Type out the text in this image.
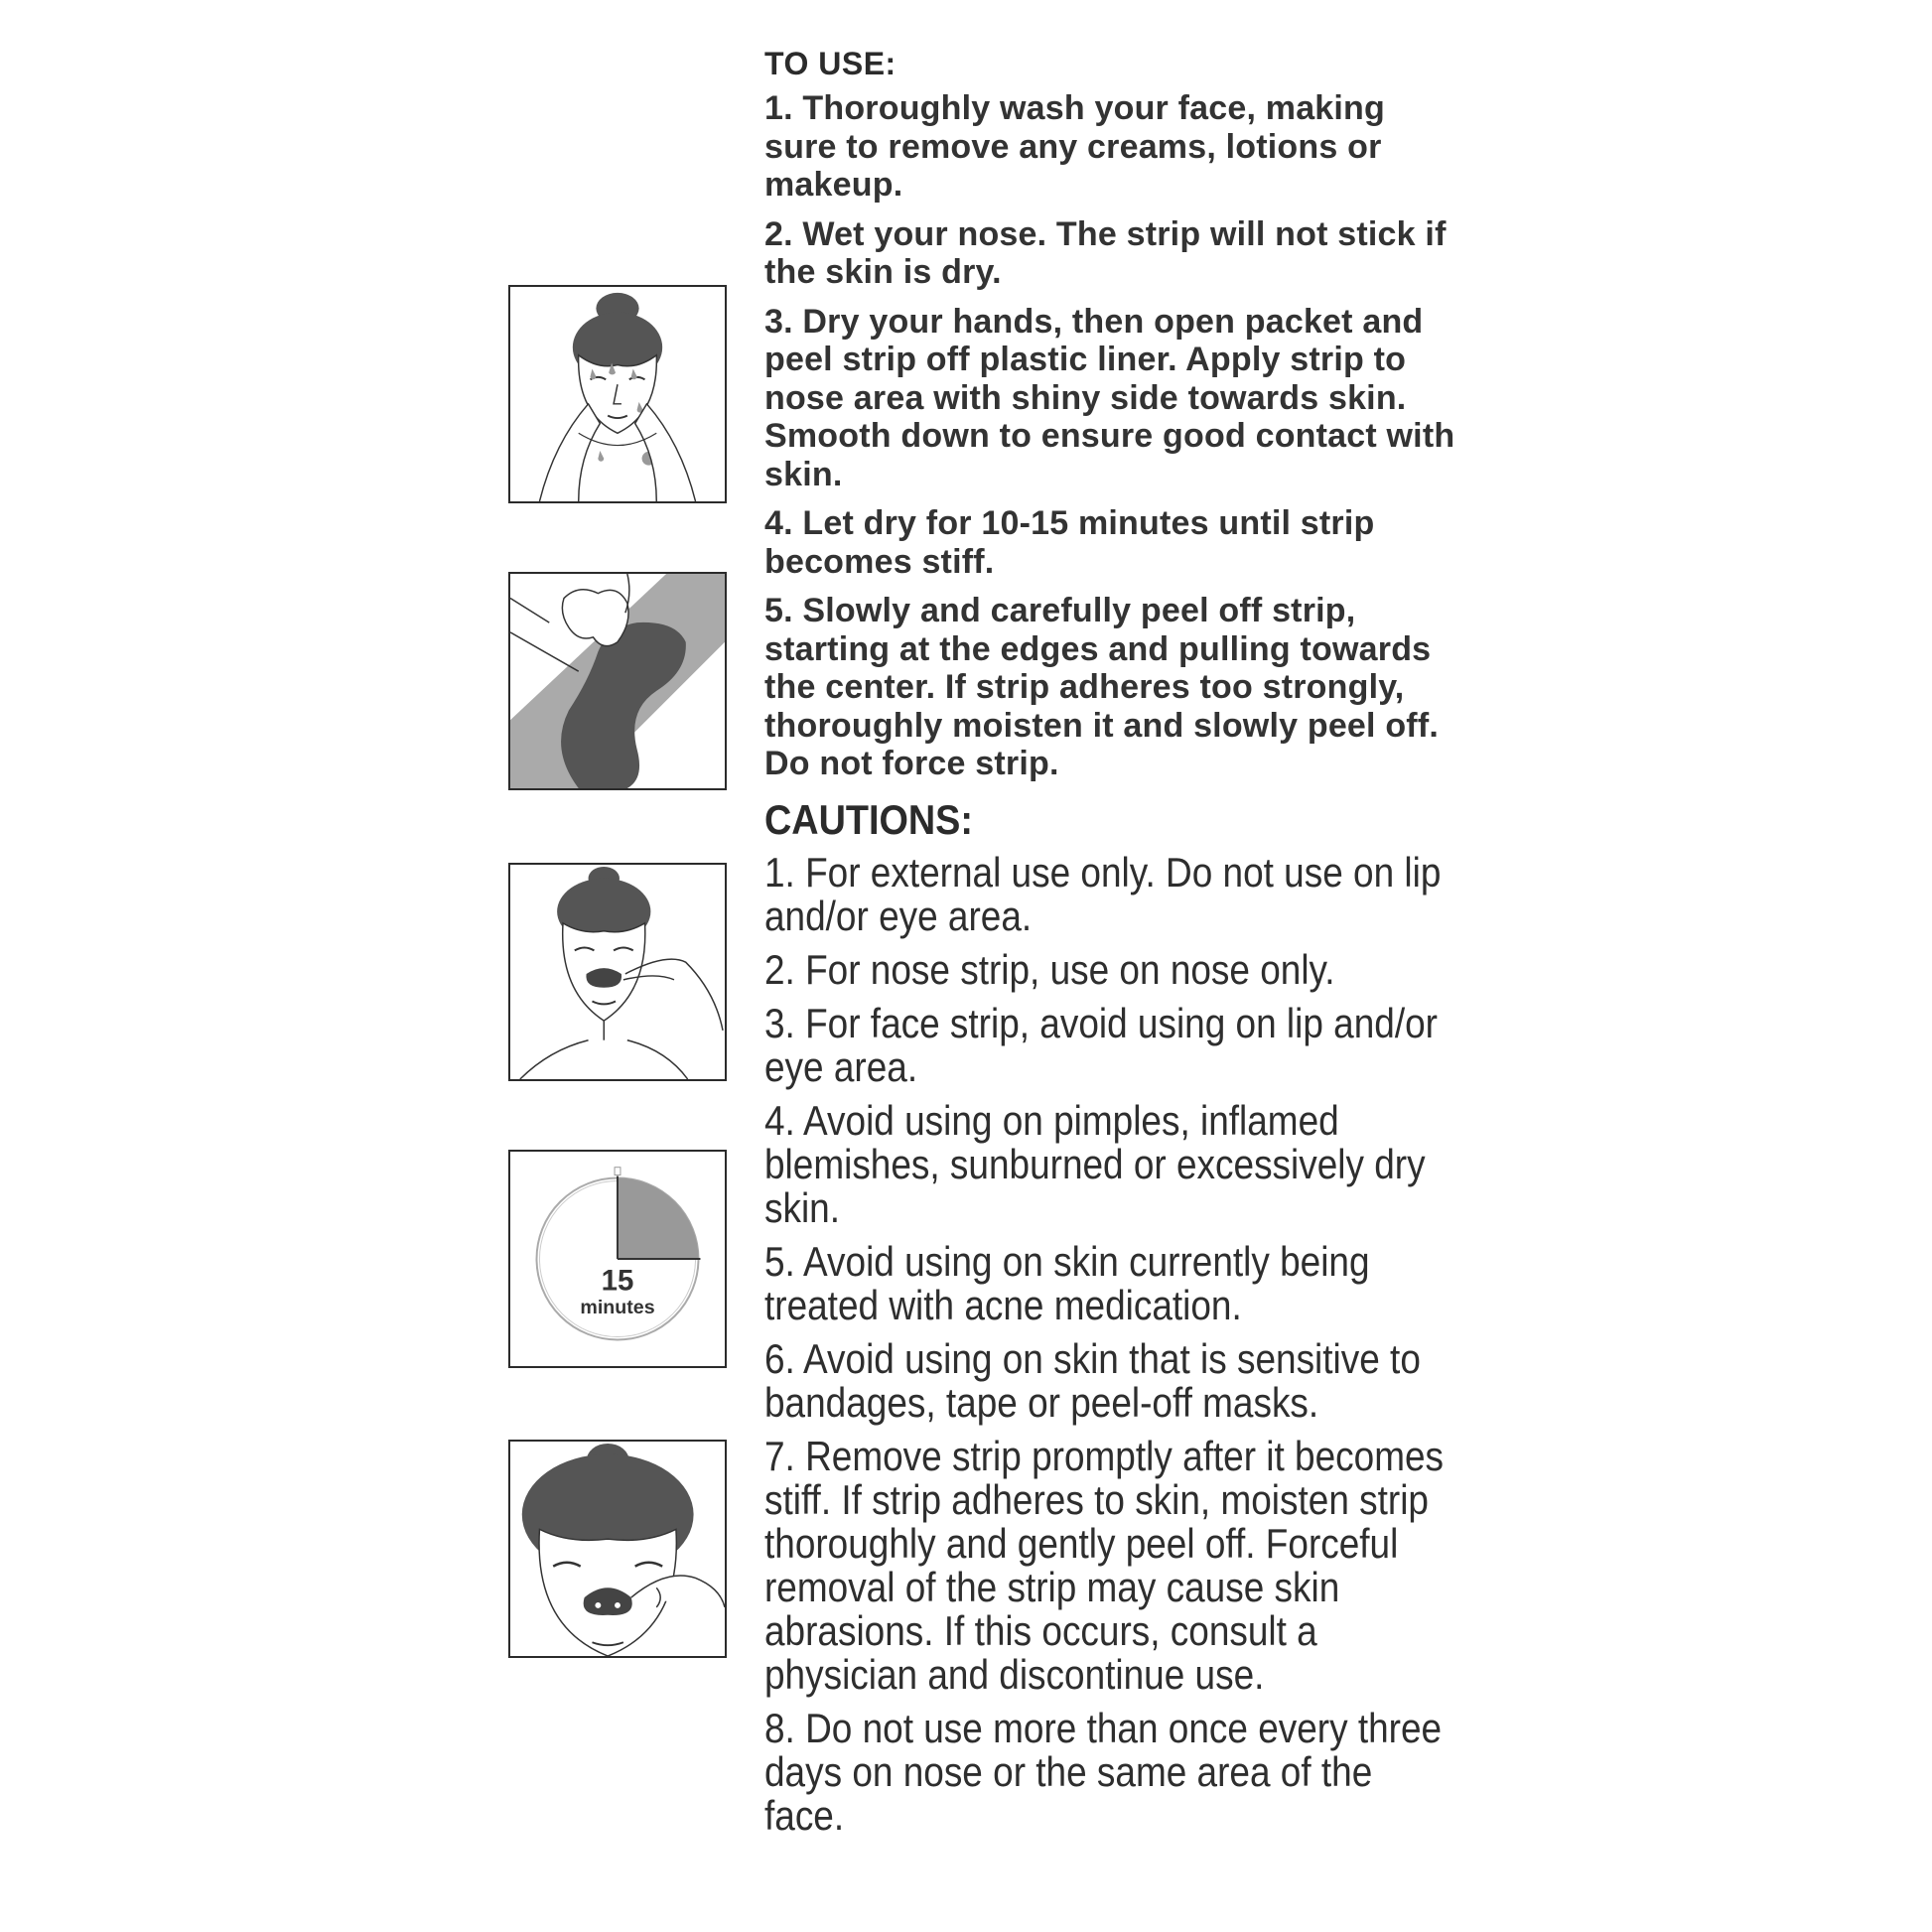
15
minutes
TO USE:

1. Thoroughly wash your face, making sure to remove any creams, lotions or makeup.

2. Wet your nose. The strip will not stick if the skin is dry.

3. Dry your hands, then open packet and peel strip off plastic liner. Apply strip to nose area with shiny side towards skin. Smooth down to ensure good contact with skin.

4. Let dry for 10-15 minutes until strip becomes stiff.

5. Slowly and carefully peel off strip, starting at the edges and pulling towards the center. If strip adheres too strongly, thoroughly moisten it and slowly peel off. Do not force strip.

CAUTIONS:

1. For external use only. Do not use on lip and/or eye area.

2. For nose strip, use on nose only.

3. For face strip, avoid using on lip and/or eye area.

4. Avoid using on pimples, inflamed blemishes, sunburned or excessively dry skin.

5. Avoid using on skin currently being treated with acne medication.

6. Avoid using on skin that is sensitive to bandages, tape or peel-off masks.

7. Remove strip promptly after it becomes stiff. If strip adheres to skin, moisten strip thoroughly and gently peel off. Forceful removal of the strip may cause skin abrasions. If this occurs, consult a physician and discontinue use.

8. Do not use more than once every three days on nose or the same area of the face.
